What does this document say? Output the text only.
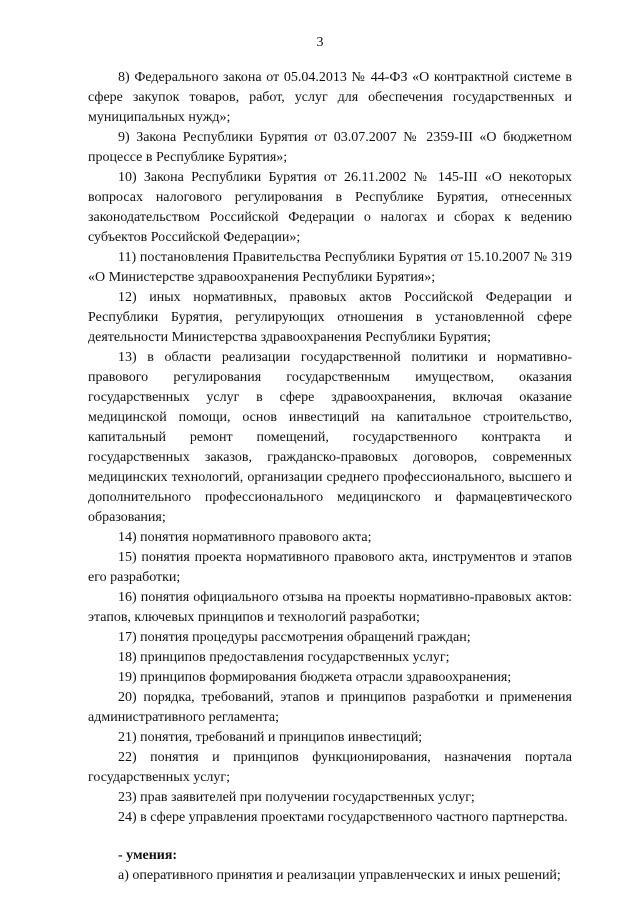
3

8) Федерального закона от 05.04.2013 № 44-ФЗ «О контрактной системе в сфере закупок товаров, работ, услуг для обеспечения государственных и муниципальных нужд»;

9) Закона Республики Бурятия от 03.07.2007 № 2359-III «О бюджетном процессе в Республике Бурятия»;

10) Закона Республики Бурятия от 26.11.2002 № 145-III «О некоторых вопросах налогового регулирования в Республике Бурятия, отнесенных законодательством Российской Федерации о налогах и сборах к ведению субъектов Российской Федерации»;

11) постановления Правительства Республики Бурятия от 15.10.2007 № 319 «О Министерстве здравоохранения Республики Бурятия»;

12) иных нормативных, правовых актов Российской Федерации и Республики Бурятия, регулирующих отношения в установленной сфере деятельности Министерства здравоохранения Республики Бурятия;

13) в области реализации государственной политики и нормативно-правового регулирования государственным имуществом, оказания государственных услуг в сфере здравоохранения, включая оказание медицинской помощи, основ инвестиций на капитальное строительство, капитальный ремонт помещений, государственного контракта и государственных заказов, гражданско-правовых договоров, современных медицинских технологий, организации среднего профессионального, высшего и дополнительного профессионального медицинского и фармацевтического образования;

14) понятия нормативного правового акта;

15) понятия проекта нормативного правового акта, инструментов и этапов его разработки;

16) понятия официального отзыва на проекты нормативно-правовых актов: этапов, ключевых принципов и технологий разработки;

17) понятия процедуры рассмотрения обращений граждан;

18) принципов предоставления государственных услуг;

19) принципов формирования бюджета отрасли здравоохранения;

20) порядка, требований, этапов и принципов разработки и применения административного регламента;

21) понятия, требований и принципов инвестиций;

22) понятия и принципов функционирования, назначения портала государственных услуг;

23) прав заявителей при получении государственных услуг;

24) в сфере управления проектами государственного частного партнерства.

- умения:

а) оперативного принятия и реализации управленческих и иных решений;
